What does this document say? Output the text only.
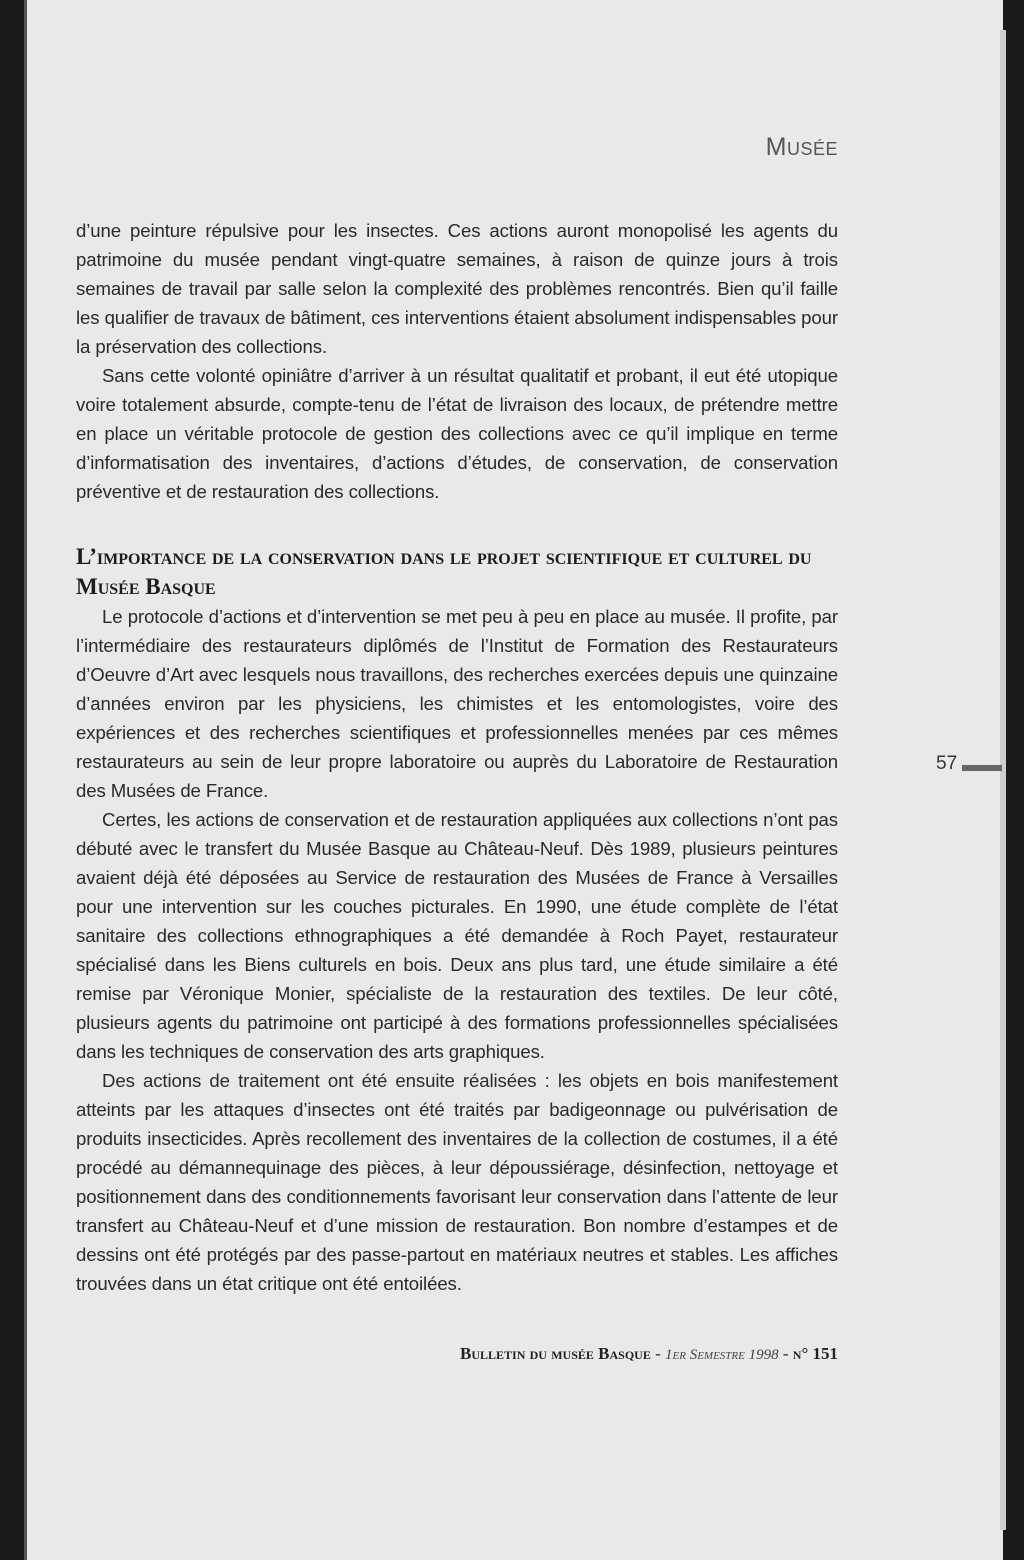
Musée

d’une peinture répulsive pour les insectes. Ces actions auront monopolisé les agents du patrimoine du musée pendant vingt-quatre semaines, à raison de quinze jours à trois semaines de travail par salle selon la complexité des problèmes rencontrés. Bien qu’il faille les qualifier de travaux de bâtiment, ces interventions étaient absolument indispensables pour la préservation des collections.

Sans cette volonté opiniâtre d’arriver à un résultat qualitatif et probant, il eut été utopique voire totalement absurde, compte-tenu de l’état de livraison des locaux, de prétendre mettre en place un véritable protocole de gestion des collections avec ce qu’il implique en terme d’informatisation des inventaires, d’actions d’études, de conservation, de conservation préventive et de restauration des collections.

L’importance de la conservation dans le projet scientifique et culturel du Musée Basque

Le protocole d’actions et d’intervention se met peu à peu en place au musée. Il profite, par l’intermédiaire des restaurateurs diplômés de l’Institut de Formation des Restaurateurs d’Oeuvre d’Art avec lesquels nous travaillons, des recherches exercées depuis une quinzaine d’années environ par les physiciens, les chimistes et les entomologistes, voire des expériences et des recherches scientifiques et professionnelles menées par ces mêmes restaurateurs au sein de leur propre laboratoire ou auprès du Laboratoire de Restauration des Musées de France.

Certes, les actions de conservation et de restauration appliquées aux collections n’ont pas débuté avec le transfert du Musée Basque au Château-Neuf. Dès 1989, plusieurs peintures avaient déjà été déposées au Service de restauration des Musées de France à Versailles pour une intervention sur les couches picturales. En 1990, une étude complète de l’état sanitaire des collections ethnographiques a été demandée à Roch Payet, restaurateur spécialisé dans les Biens culturels en bois. Deux ans plus tard, une étude similaire a été remise par Véronique Monier, spécialiste de la restauration des textiles. De leur côté, plusieurs agents du patrimoine ont participé à des formations professionnelles spécialisées dans les techniques de conservation des arts graphiques.

Des actions de traitement ont été ensuite réalisées : les objets en bois manifestement atteints par les attaques d’insectes ont été traités par badigeonnage ou pulvérisation de produits insecticides. Après recollement des inventaires de la collection de costumes, il a été procédé au démannequinage des pièces, à leur dépoussiérage, désinfection, nettoyage et positionnement dans des conditionnements favorisant leur conservation dans l’attente de leur transfert au Château-Neuf et d’une mission de restauration. Bon nombre d’estampes et de dessins ont été protégés par des passe-partout en matériaux neutres et stables. Les affiches trouvées dans un état critique ont été entoilées.

Bulletin du musée Basque - 1er Semestre 1998 - n° 151
57
